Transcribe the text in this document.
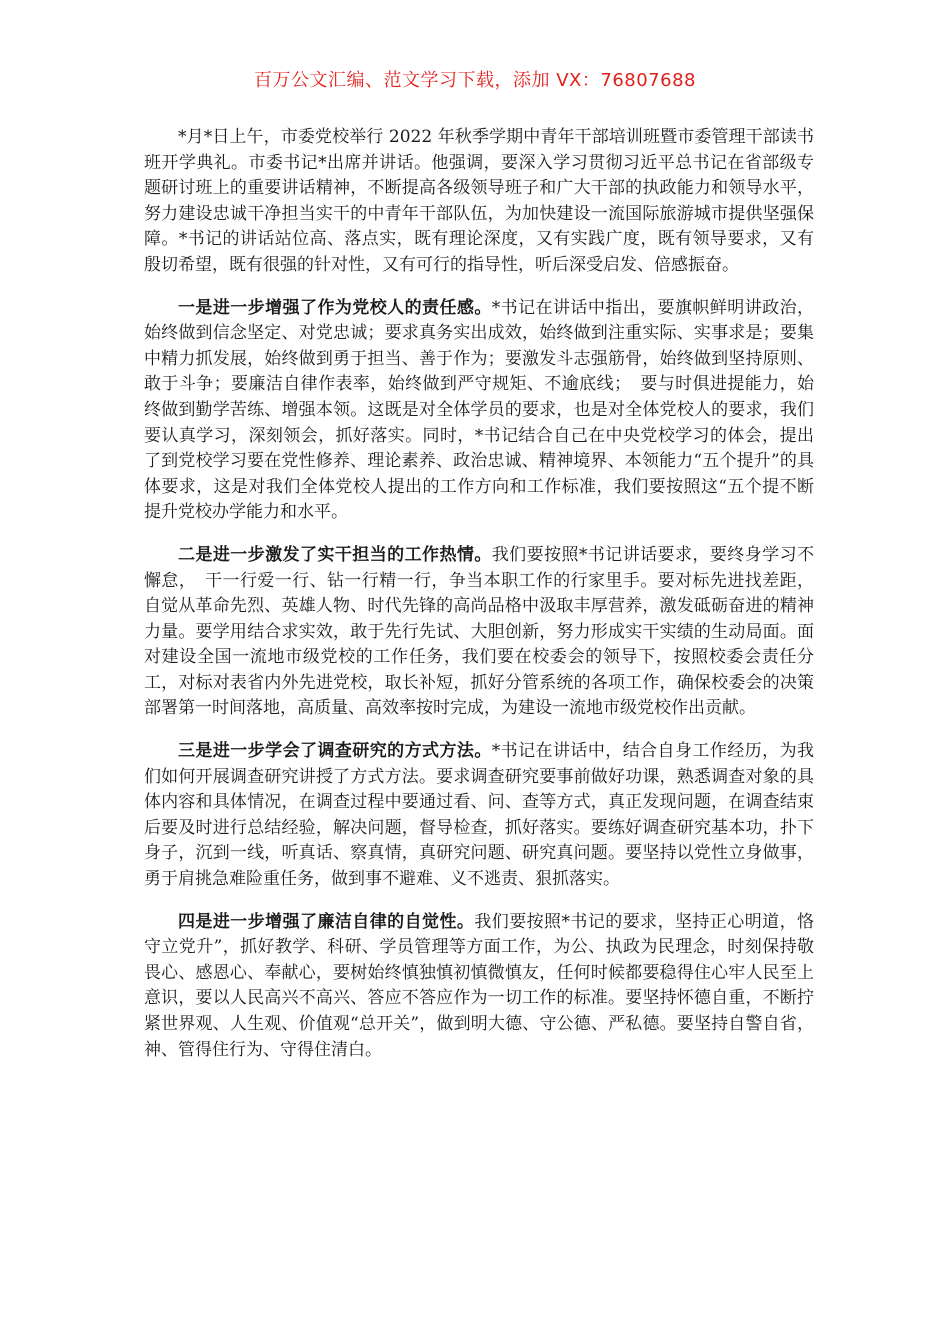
百万公文汇编、范文学习下载，添加 VX：76807688

*月*日上午，市委党校举行 2022 年秋季学期中青年干部培训班暨市委管理干部读书班开学典礼。市委书记*出席并讲话。他强调，要深入学习贯彻习近平总书记在省部级专题研讨班上的重要讲话精神，不断提高各级领导班子和广大干部的执政能力和领导水平，努力建设忠诚干净担当实干的中青年干部队伍，为加快建设一流国际旅游城市提供坚强保障。*书记的讲话站位高、落点实，既有理论深度，又有实践广度，既有领导要求，又有殷切希望，既有很强的针对性，又有可行的指导性，听后深受启发、倍感振奋。

一是进一步增强了作为党校人的责任感。*书记在讲话中指出，要旗帜鲜明讲政治，始终做到信念坚定、对党忠诚；要求真务实出成效，始终做到注重实际、实事求是；要集中精力抓发展，始终做到勇于担当、善于作为；要激发斗志强筋骨，始终做到坚持原则、敢于斗争；要廉洁自律作表率，始终做到严守规矩、不逾底线；　要与时俱进提能力，始终做到勤学苦练、增强本领。这既是对全体学员的要求，也是对全体党校人的要求，我们要认真学习，深刻领会，抓好落实。同时，*书记结合自己在中央党校学习的体会，提出了到党校学习要在党性修养、理论素养、政治忠诚、精神境界、本领能力“五个提升”的具体要求，这是对我们全体党校人提出的工作方向和工作标准，我们要按照这“五个提不断提升党校办学能力和水平。

二是进一步激发了实干担当的工作热情。我们要按照*书记讲话要求，要终身学习不懈怠，　干一行爱一行、钻一行精一行，争当本职工作的行家里手。要对标先进找差距，自觉从革命先烈、英雄人物、时代先锋的高尚品格中汲取丰厚营养，激发砥砺奋进的精神力量。要学用结合求实效，敢于先行先试、大胆创新，努力形成实干实绩的生动局面。面对建设全国一流地市级党校的工作任务，我们要在校委会的领导下，按照校委会责任分工，对标对表省内外先进党校，取长补短，抓好分管系统的各项工作，确保校委会的决策部署第一时间落地，高质量、高效率按时完成，为建设一流地市级党校作出贡献。

三是进一步学会了调查研究的方式方法。*书记在讲话中，结合自身工作经历，为我们如何开展调查研究讲授了方式方法。要求调查研究要事前做好功课，熟悉调查对象的具体内容和具体情况，在调查过程中要通过看、问、查等方式，真正发现问题，在调查结束后要及时进行总结经验，解决问题，督导检查，抓好落实。要练好调查研究基本功，扑下身子，沉到一线，听真话、察真情，真研究问题、研究真问题。要坚持以党性立身做事，勇于肩挑急难险重任务，做到事不避难、义不逃责、狠抓落实。

四是进一步增强了廉洁自律的自觉性。我们要按照*书记的要求，坚持正心明道，恪守立党升”，抓好教学、科研、学员管理等方面工作，为公、执政为民理念，时刻保持敬畏心、感恩心、奉献心，要树始终慎独慎初慎微慎友，任何时候都要稳得住心牢人民至上意识，要以人民高兴不高兴、答应不答应作为一切工作的标准。要坚持怀德自重，不断拧紧世界观、人生观、价值观“总开关”，做到明大德、守公德、严私德。要坚持自警自省，神、管得住行为、守得住清白。
